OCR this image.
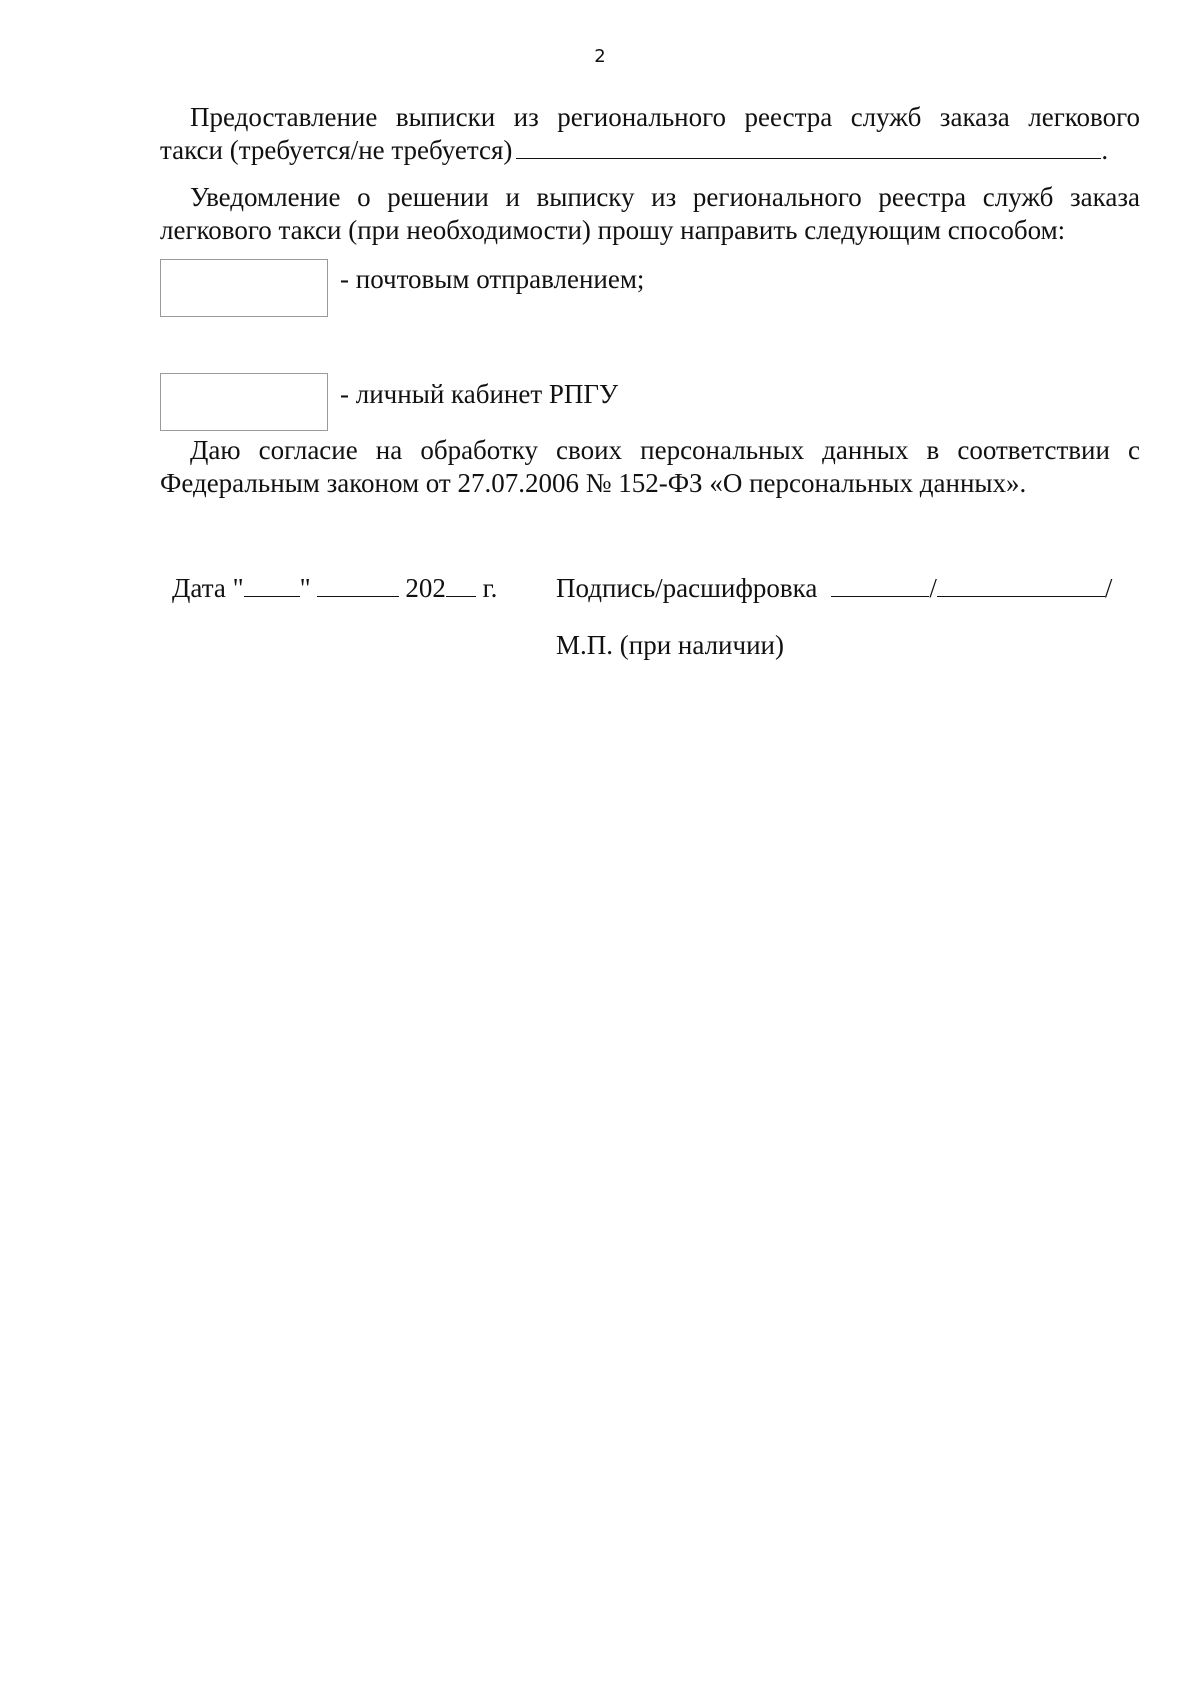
2
Предоставление выписки из регионального реестра служб заказа легкового
такси (требуется/не требуется)	.
Уведомление о решении и выписку из регионального реестра служб заказа
легкового такси (при необходимости) прошу направить следующим способом:
- почтовым отправлением;
- личный кабинет РПГУ
Даю согласие на обработку своих персональных данных в соответствии с
Федеральным законом от 27.07.2006 № 152-ФЗ «О персональных данных».
Дата " "	202 г. Подпись/расшифровка	/	/
М.П. (при наличии)
